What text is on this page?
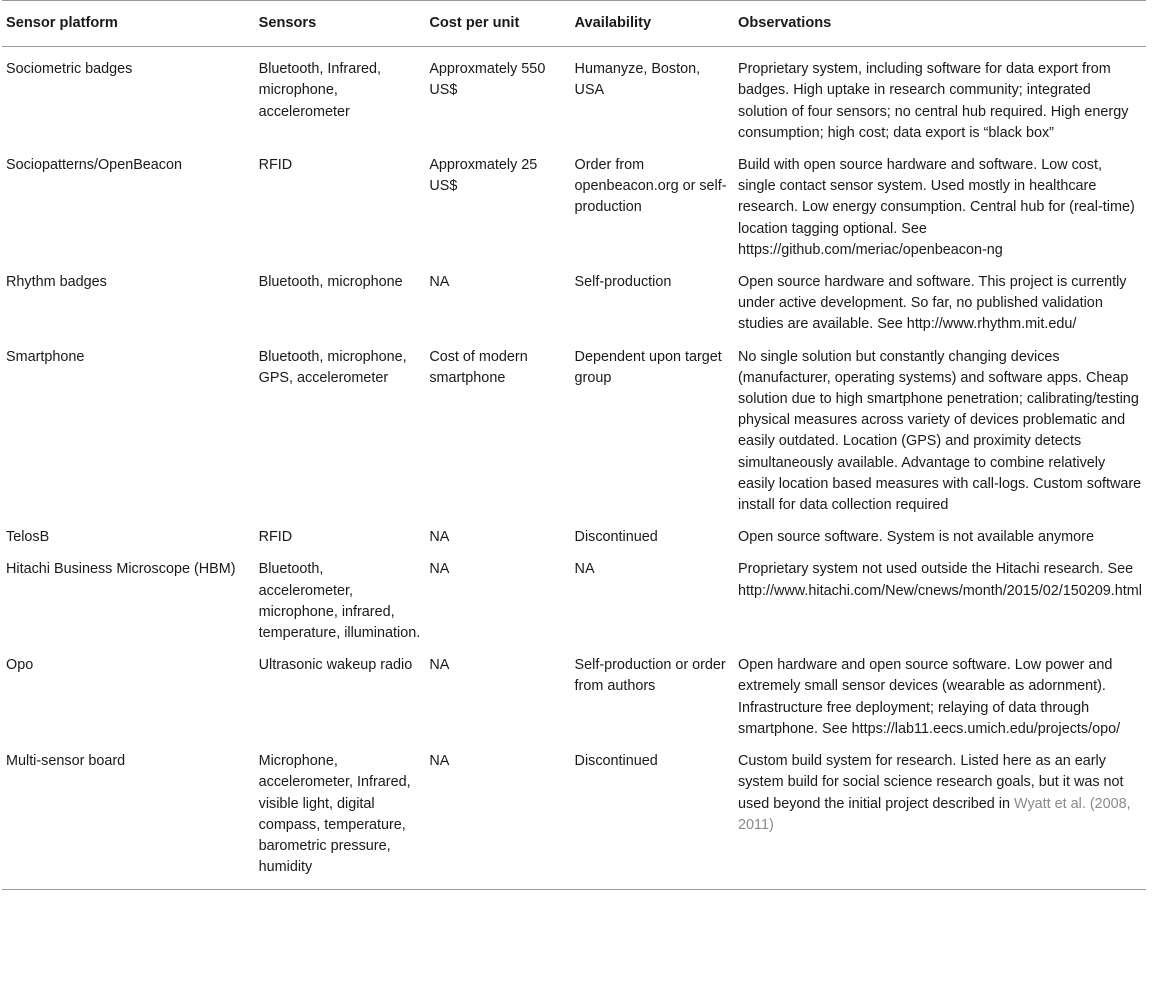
Sensor platform	Sensors	Cost per unit	Availability	Observations
Sociometric badges	Bluetooth, Infrared, microphone, accelerometer	Approxmately 550 US$	Humanyze, Boston, USA	Proprietary system, including software for data export from badges. High uptake in research community; integrated solution of four sensors; no central hub required. High energy consumption; high cost; data export is “black box”
Sociopatterns/OpenBeacon	RFID	Approxmately 25 US$	Order from openbeacon.org or self-production	Build with open source hardware and software. Low cost, single contact sensor system. Used mostly in healthcare research. Low energy consumption. Central hub for (real-time) location tagging optional. See https://github.com/meriac/openbeacon-ng
Rhythm badges	Bluetooth, microphone	NA	Self-production	Open source hardware and software. This project is currently under active development. So far, no published validation studies are available. See http://www.rhythm.mit.edu/
Smartphone	Bluetooth, microphone, GPS, accelerometer	Cost of modern smartphone	Dependent upon target group	No single solution but constantly changing devices (manufacturer, operating systems) and software apps. Cheap solution due to high smartphone penetration; calibrating/testing physical measures across variety of devices problematic and easily outdated. Location (GPS) and proximity detects simultaneously available. Advantage to combine relatively easily location based measures with call-logs. Custom software install for data collection required
TelosB	RFID	NA	Discontinued	Open source software. System is not available anymore
Hitachi Business Microscope (HBM)	Bluetooth, accelerometer, microphone, infrared, temperature, illumination.	NA	NA	Proprietary system not used outside the Hitachi research. See http://www.hitachi.com/New/cnews/month/2015/02/150209.html
Opo	Ultrasonic wakeup radio	NA	Self-production or order from authors	Open hardware and open source software. Low power and extremely small sensor devices (wearable as adornment). Infrastructure free deployment; relaying of data through smartphone. See https://lab11.eecs.umich.edu/projects/opo/
Multi-sensor board	Microphone, accelerometer, Infrared, visible light, digital compass, temperature, barometric pressure, humidity	NA	Discontinued	Custom build system for research. Listed here as an early system build for social science research goals, but it was not used beyond the initial project described in Wyatt et al. (2008, 2011)
